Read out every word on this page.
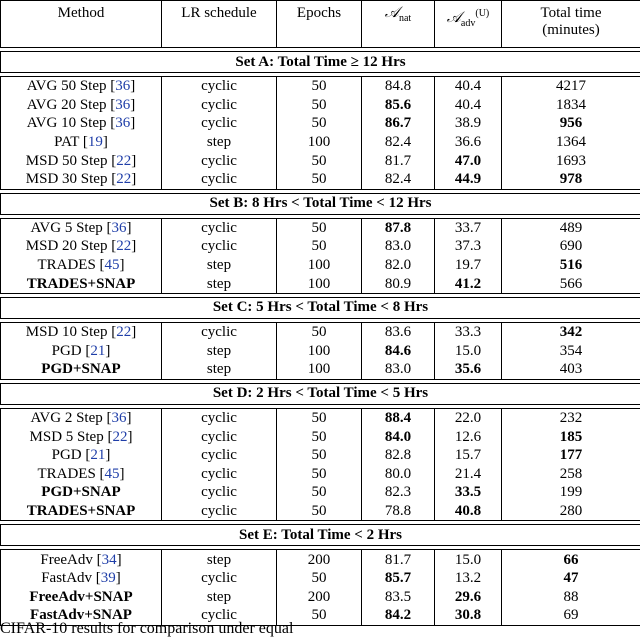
Method	LR schedule	Epochs	𝒜$_{nat}$	𝒜$_{adv}^{(U)}$	Total time
(minutes)

Set A: Total Time ≥ 12 Hrs					

AVG 50 Step [36]	cyclic	50	84.8	40.4	4217
AVG 20 Step [36]	cyclic	50	85.6	40.4	1834
AVG 10 Step [36]	cyclic	50	86.7	38.9	956
PAT [19]	step	100	82.4	36.6	1364
MSD 50 Step [22]	cyclic	50	81.7	47.0	1693
MSD 30 Step [22]	cyclic	50	82.4	44.9	978

Set B: 8 Hrs < Total Time < 12 Hrs					

AVG 5 Step [36]	cyclic	50	87.8	33.7	489
MSD 20 Step [22]	cyclic	50	83.0	37.3	690
TRADES [45]	step	100	82.0	19.7	516
TRADES+SNAP	step	100	80.9	41.2	566

Set C: 5 Hrs < Total Time < 8 Hrs					

MSD 10 Step [22]	cyclic	50	83.6	33.3	342
PGD [21]	step	100	84.6	15.0	354
PGD+SNAP	step	100	83.0	35.6	403

Set D: 2 Hrs < Total Time < 5 Hrs					

AVG 2 Step [36]	cyclic	50	88.4	22.0	232
MSD 5 Step [22]	cyclic	50	84.0	12.6	185
PGD [21]	cyclic	50	82.8	15.7	177
TRADES [45]	cyclic	50	80.0	21.4	258
PGD+SNAP	cyclic	50	82.3	33.5	199
TRADES+SNAP	cyclic	50	78.8	40.8	280

Set E: Total Time < 2 Hrs					

FreeAdv [34]	step	200	81.7	15.0	66
FastAdv [39]	cyclic	50	85.7	13.2	47
FreeAdv+SNAP	step	200	83.5	29.6	88
FastAdv+SNAP	cyclic	50	84.2	30.8	69
CIFAR-10 results for comparison under equal
